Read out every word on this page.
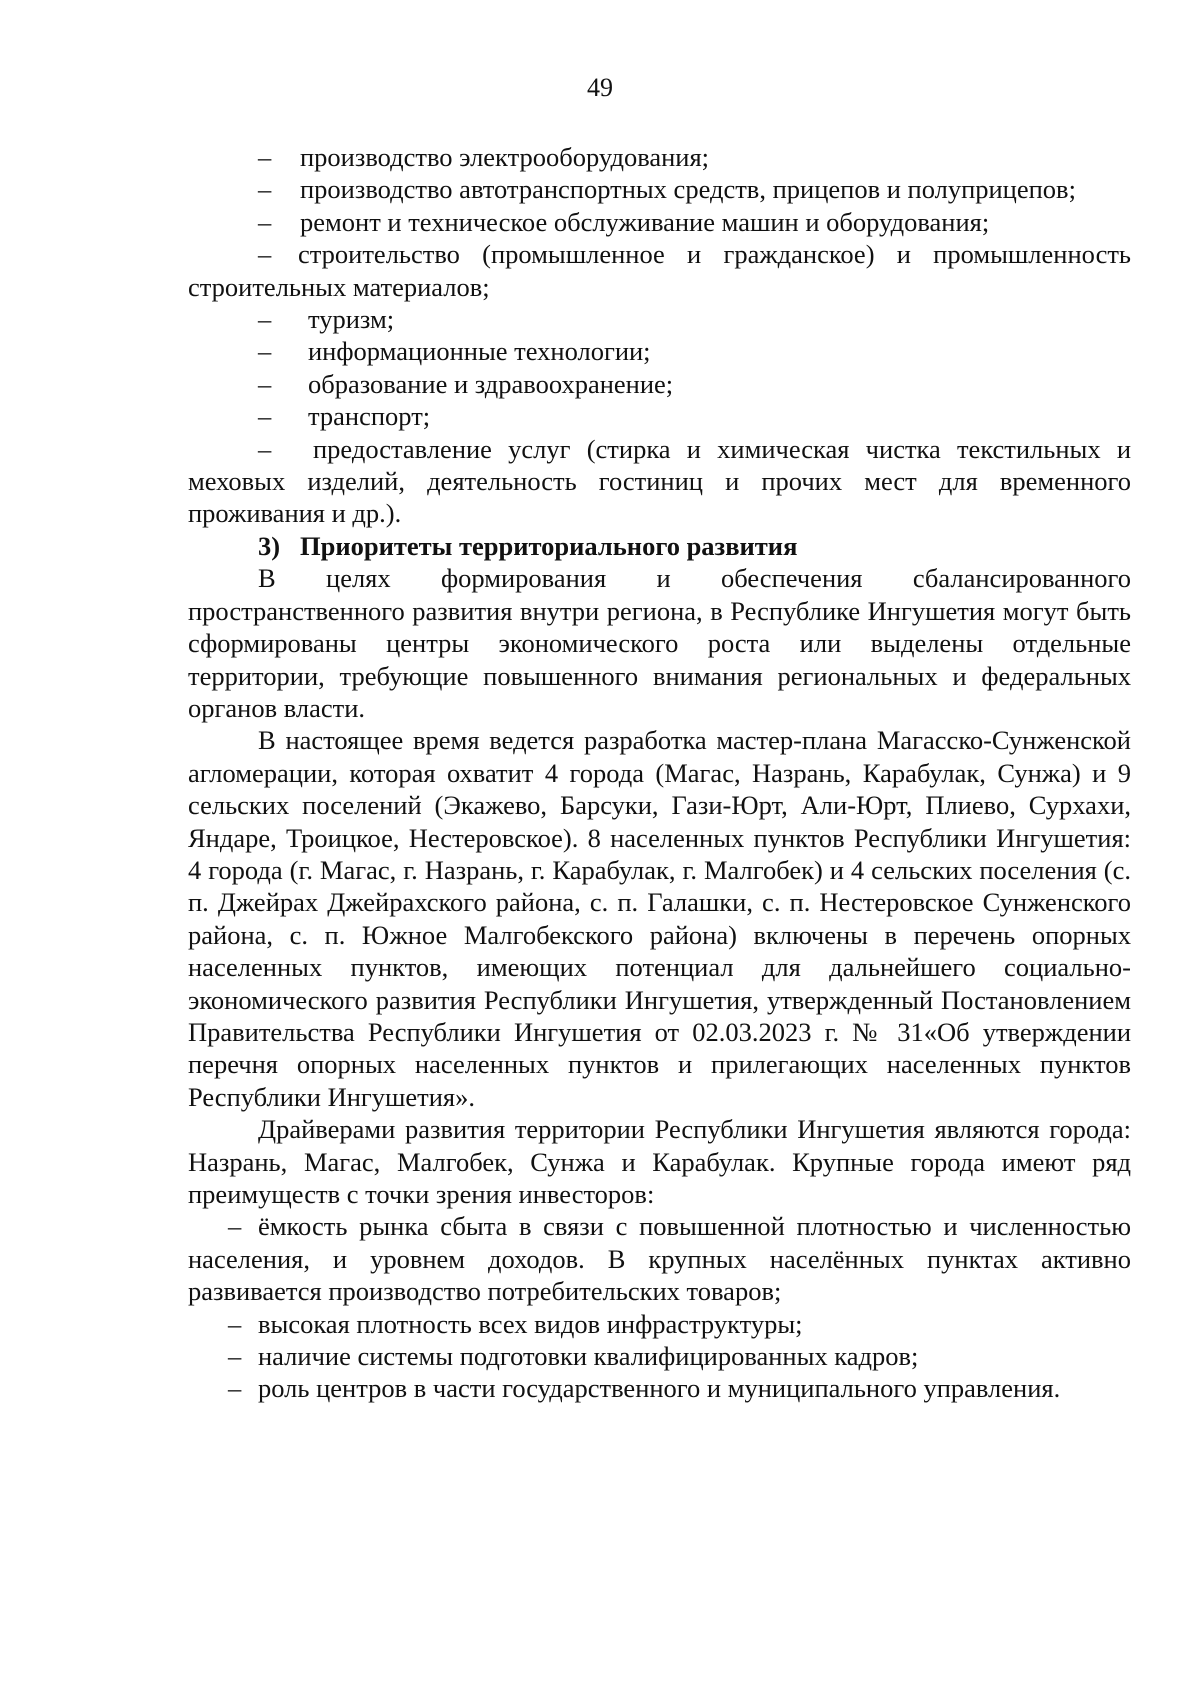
49

– производство электрооборудования;

– производство автотранспортных средств, прицепов и полуприцепов;

– ремонт и техническое обслуживание машин и оборудования;

– строительство (промышленное и гражданское) и промышленность строительных материалов;

– туризм;

– информационные технологии;

– образование и здравоохранение;

– транспорт;

– предоставление услуг (стирка и химическая чистка текстильных и меховых изделий, деятельность гостиниц и прочих мест для временного проживания и др.).

3) Приоритеты территориального развития

В целях формирования и обеспечения сбалансированного пространственного развития внутри региона, в Республике Ингушетия могут быть сформированы центры экономического роста или выделены отдельные территории, требующие повышенного внимания региональных и федеральных органов власти.

В настоящее время ведется разработка мастер-плана Магасско-Сунженской агломерации, которая охватит 4 города (Магас, Назрань, Карабулак, Сунжа) и 9 сельских поселений (Экажево, Барсуки, Гази-Юрт, Али-Юрт, Плиево, Сурхахи, Яндаре, Троицкое, Нестеровское). 8 населенных пунктов Республики Ингушетия: 4 города (г. Магас, г. Назрань, г. Карабулак, г. Малгобек) и 4 сельских поселения (с. п. Джейрах Джейрахского района, с. п. Галашки, с. п. Нестеровское Сунженского района, с. п. Южное Малгобекского района) включены в перечень опорных населенных пунктов, имеющих потенциал для дальнейшего социально-экономического развития Республики Ингушетия, утвержденный Постановлением Правительства Республики Ингушетия от 02.03.2023 г. № 31«Об утверждении перечня опорных населенных пунктов и прилегающих населенных пунктов Республики Ингушетия».

Драйверами развития территории Республики Ингушетия являются города: Назрань, Магас, Малгобек, Сунжа и Карабулак. Крупные города имеют ряд преимуществ с точки зрения инвесторов:

– ёмкость рынка сбыта в связи с повышенной плотностью и численностью населения, и уровнем доходов. В крупных населённых пунктах активно развивается производство потребительских товаров;

– высокая плотность всех видов инфраструктуры;

– наличие системы подготовки квалифицированных кадров;

– роль центров в части государственного и муниципального управления.
